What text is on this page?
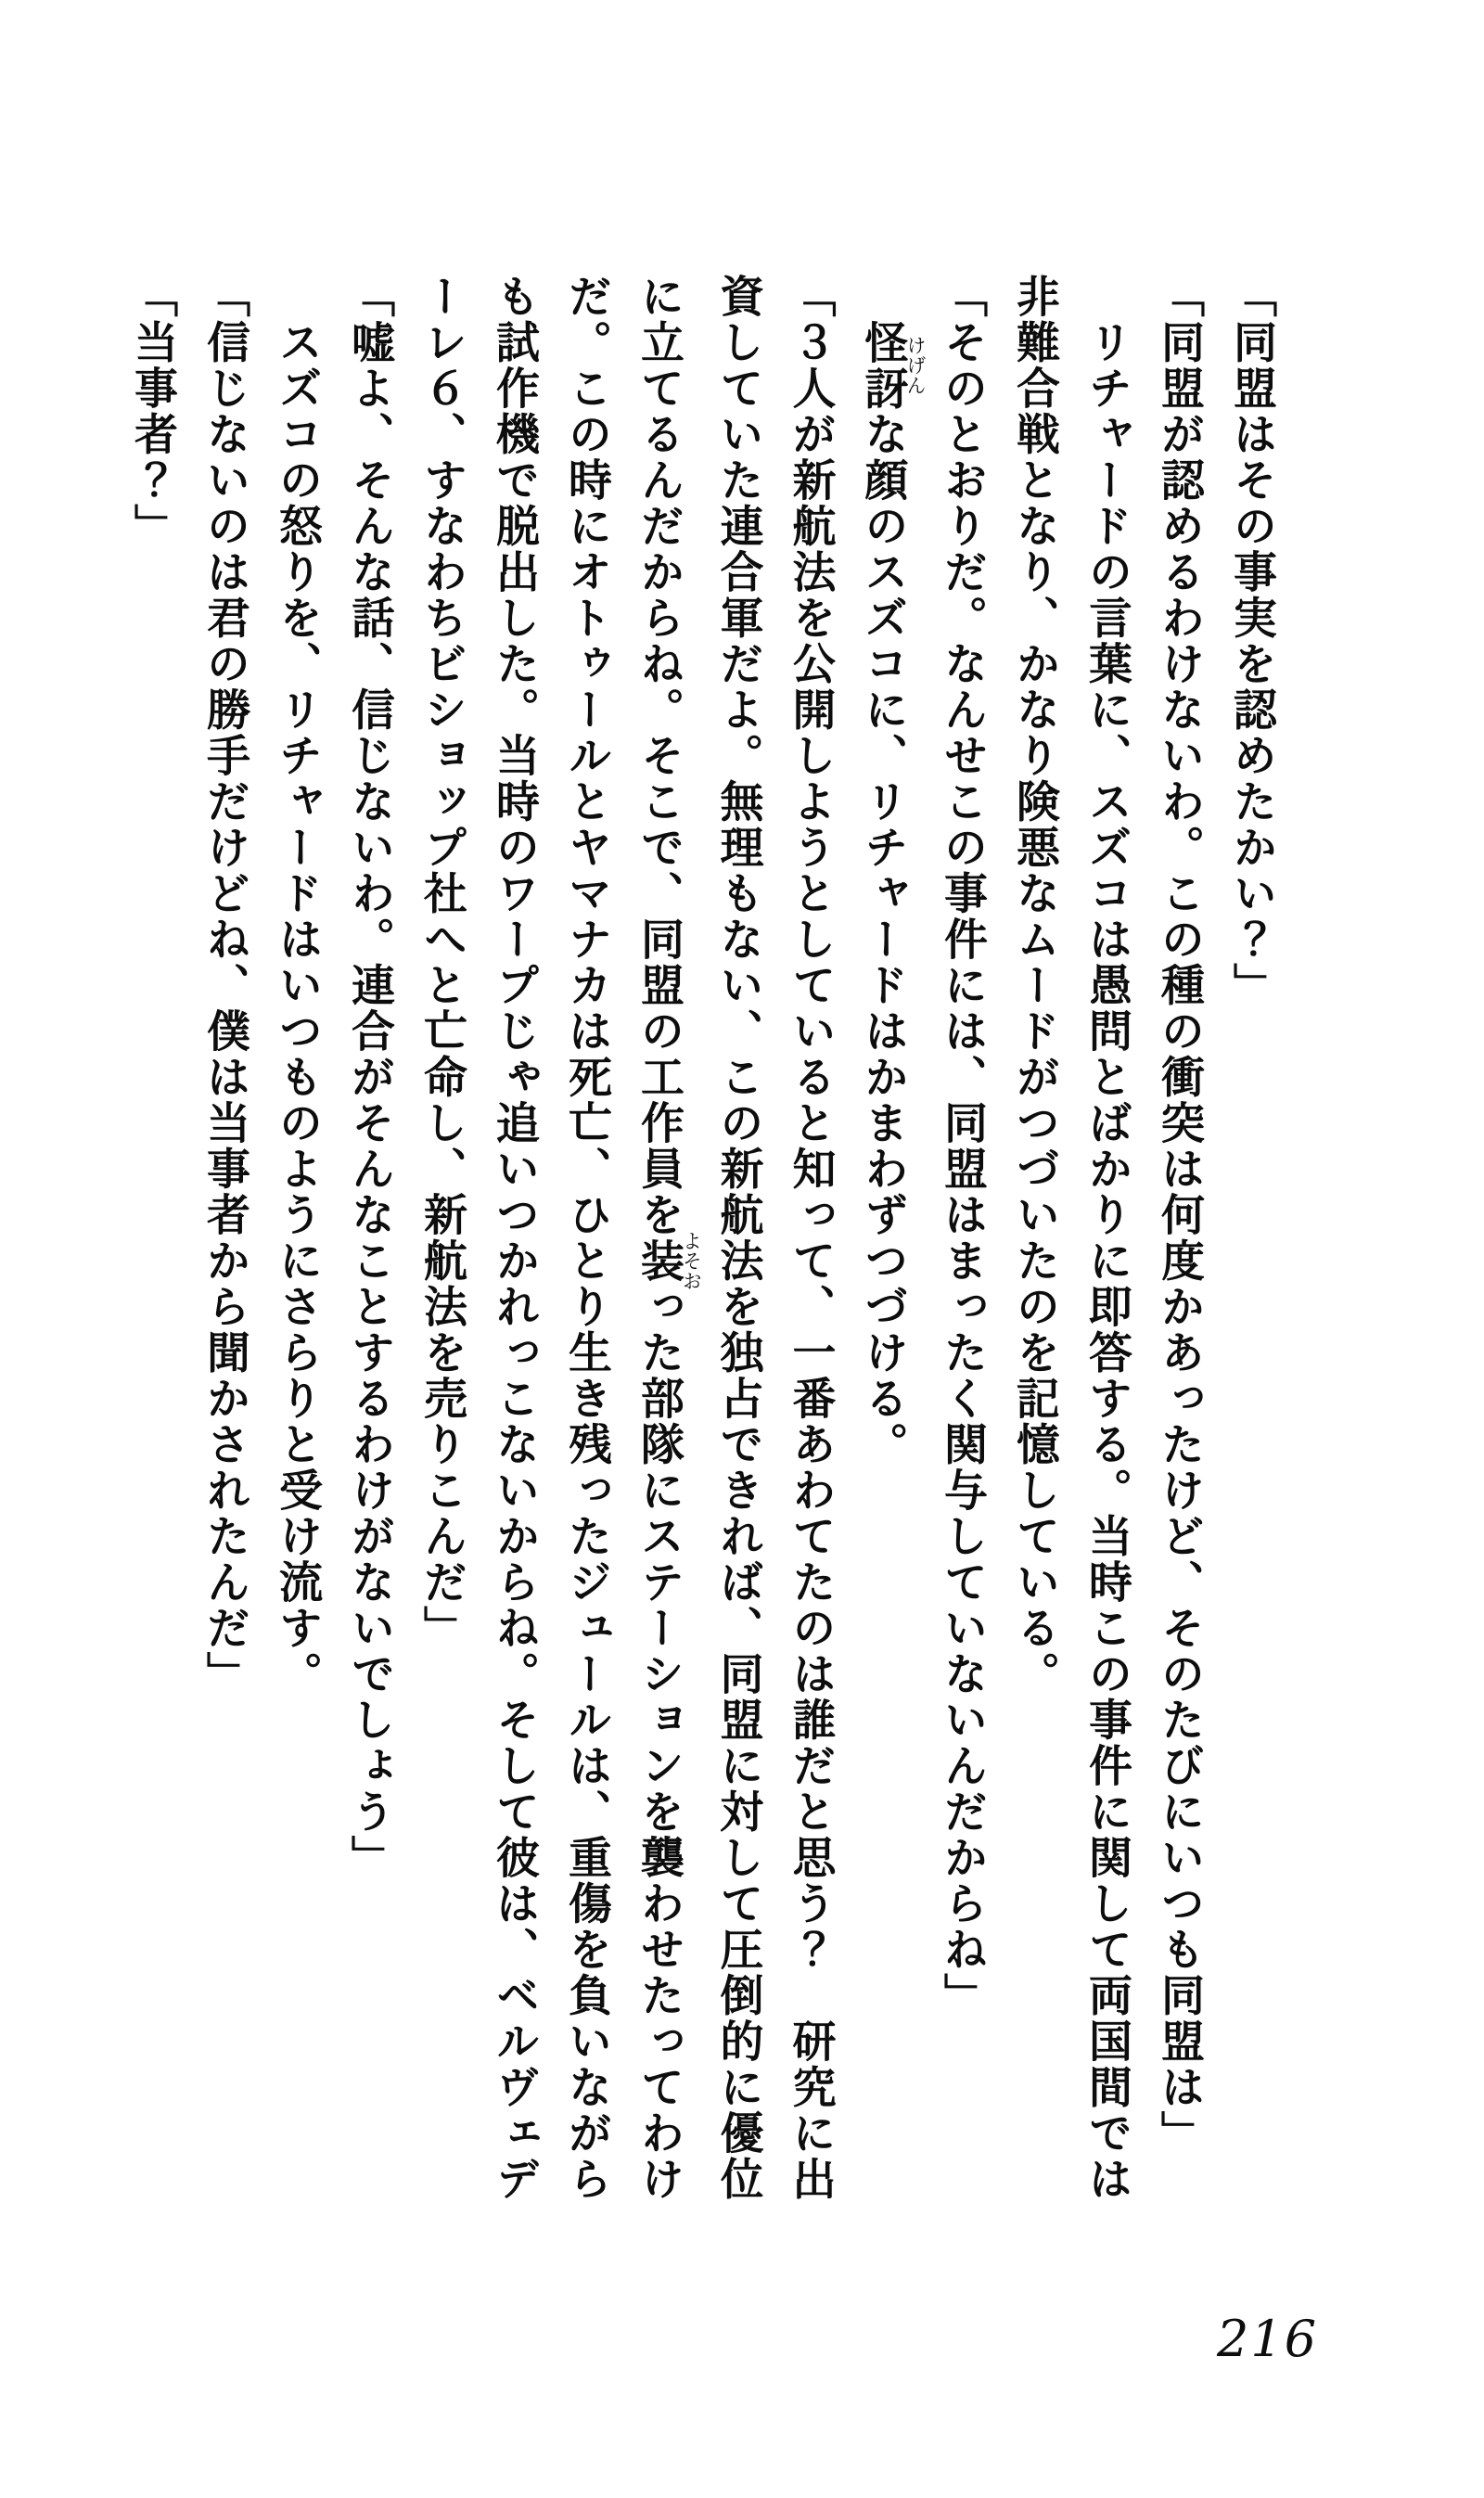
「同盟はその事実を認めたかい？」
「同盟が認めるわけないわ。この種の衝突は何度かあったけど、そのたびにいつも同盟は」
　リチャードの言葉に、スズコは愚問とばかりに即答する。当時この事件に関して両国間では
非難合戦となり、かなり険悪なムードがつづいたのを記憶している。
「そのとおりだ。なんせこの事件には、同盟はまったく関与していないんだからね」
　怪訝けげんな顔のスズコに、リチャードはかまわずつづける。
「３人が新航法を公開しようとしていると知って、一番あわてたのは誰だと思う？　研究に出
資していた連合軍だよ。無理もない、この新航法を独占できれば、同盟に対して圧倒的に優位
に立てるんだからね。そこで、同盟の工作員を装よそおった部隊にステーションを襲わせたってわけ
だ。この時にオトゥールとヤマナカは死亡、ひとり生き残ったジュールは、重傷を負いながら
も試作機で脱出した。当時のワープじゃ追いつかれっこないからね。そして彼は、ベルヴェデ
ーレ６、すなわちビショップ社へと亡命し、新航法を売りこんだ」
「嘘よ、そんな話、信じないわ。連合がそんなことするわけがないでしょう」
　スズコの怒りを、リチャードはいつものようにさらりと受け流す。
「信じないのは君の勝手だけどね、僕は当事者から聞かされたんだ」
「当事者？」
216
